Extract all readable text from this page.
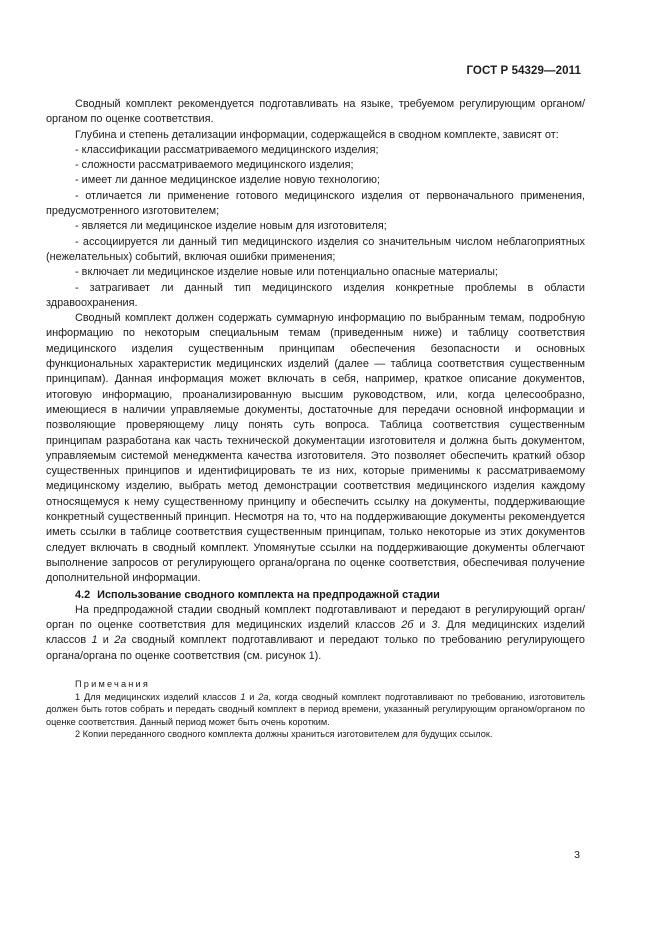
ГОСТ Р 54329—2011

Сводный комплект рекомендуется подготавливать на языке, требуемом регулирующим органом/органом по оценке соответствия.

Глубина и степень детализации информации, содержащейся в сводном комплекте, зависят от:

- классификации рассматриваемого медицинского изделия;

- сложности рассматриваемого медицинского изделия;

- имеет ли данное медицинское изделие новую технологию;

- отличается ли применение готового медицинского изделия от первоначального применения, предусмотренного изготовителем;

- является ли медицинское изделие новым для изготовителя;

- ассоциируется ли данный тип медицинского изделия со значительным числом неблагоприятных (нежелательных) событий, включая ошибки применения;

- включает ли медицинское изделие новые или потенциально опасные материалы;

- затрагивает ли данный тип медицинского изделия конкретные проблемы в области здравоохранения.

Сводный комплект должен содержать суммарную информацию по выбранным темам, подробную информацию по некоторым специальным темам (приведенным ниже) и таблицу соответствия медицинского изделия существенным принципам обеспечения безопасности и основных функциональных характеристик медицинских изделий (далее — таблица соответствия существенным принципам). Данная информация может включать в себя, например, краткое описание документов, итоговую информацию, проанализированную высшим руководством, или, когда целесообразно, имеющиеся в наличии управляемые документы, достаточные для передачи основной информации и позволяющие проверяющему лицу понять суть вопроса. Таблица соответствия существенным принципам разработана как часть технической документации изготовителя и должна быть документом, управляемым системой менеджмента качества изготовителя. Это позволяет обеспечить краткий обзор существенных принципов и идентифицировать те из них, которые применимы к рассматриваемому медицинскому изделию, выбрать метод демонстрации соответствия медицинского изделия каждому относящемуся к нему существенному принципу и обеспечить ссылку на документы, поддерживающие конкретный существенный принцип. Несмотря на то, что на поддерживающие документы рекомендуется иметь ссылки в таблице соответствия существенным принципам, только некоторые из этих документов следует включать в сводный комплект. Упомянутые ссылки на поддерживающие документы облегчают выполнение запросов от регулирующего органа/органа по оценке соответствия, обеспечивая получение дополнительной информации.

4.2 Использование сводного комплекта на предпродажной стадии

На предпродажной стадии сводный комплект подготавливают и передают в регулирующий орган/орган по оценке соответствия для медицинских изделий классов 2б и 3. Для медицинских изделий классов 1 и 2а сводный комплект подготавливают и передают только по требованию регулирующего органа/органа по оценке соответствия (см. рисунок 1).

Примечания

1 Для медицинских изделий классов 1 и 2а, когда сводный комплект подготавливают по требованию, изготовитель должен быть готов собрать и передать сводный комплект в период времени, указанный регулирующим органом/органом по оценке соответствия. Данный период может быть очень коротким.

2 Копии переданного сводного комплекта должны храниться изготовителем для будущих ссылок.

3
